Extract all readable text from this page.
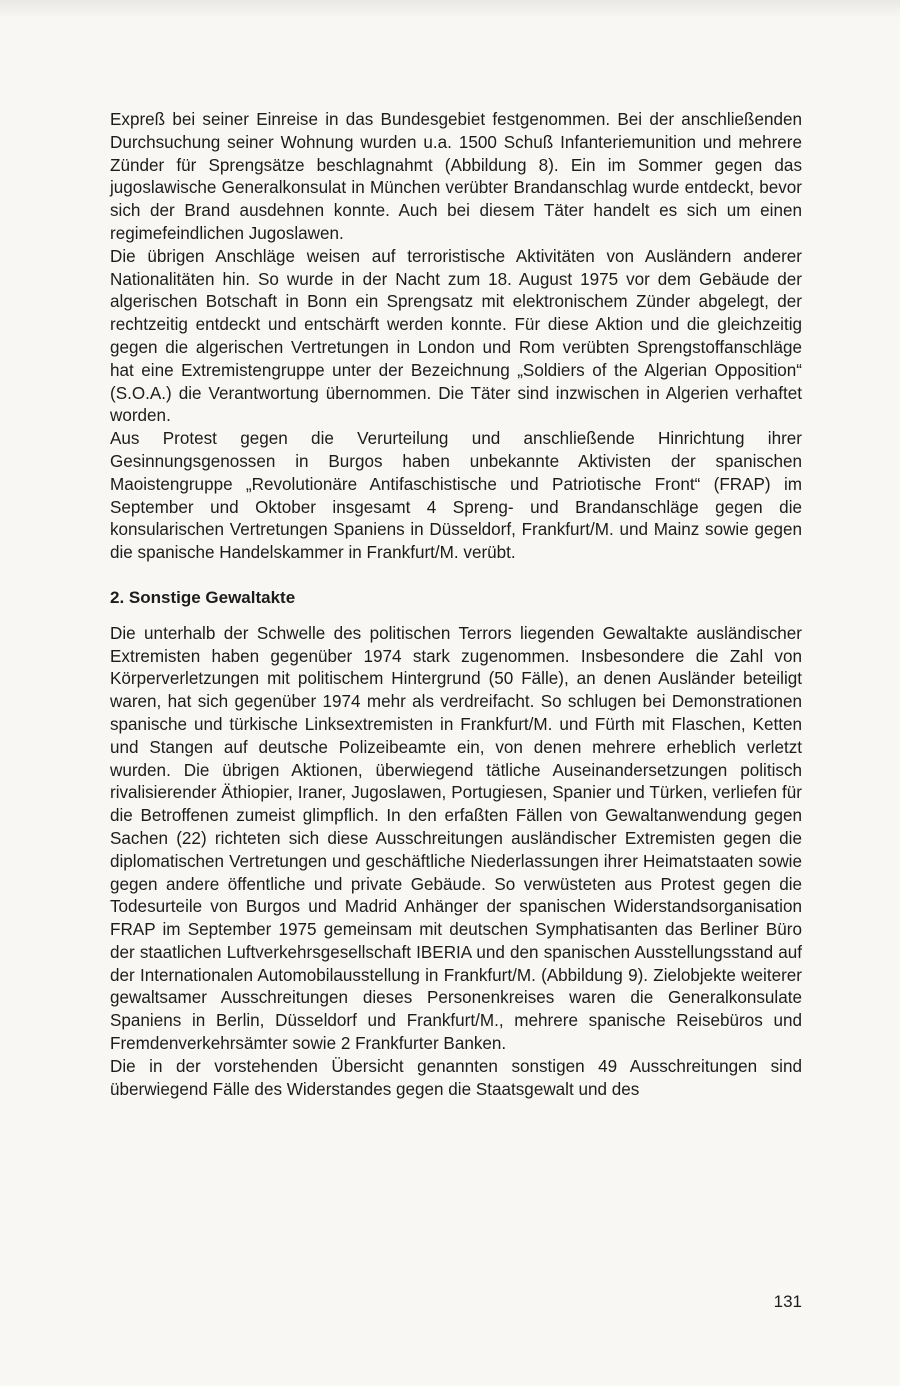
Expreß bei seiner Einreise in das Bundesgebiet festgenommen. Bei der anschließenden Durchsuchung seiner Wohnung wurden u.a. 1500 Schuß Infanteriemunition und mehrere Zünder für Sprengsätze beschlagnahmt (Abbildung 8). Ein im Sommer gegen das jugoslawische Generalkonsulat in München verübter Brandanschlag wurde entdeckt, bevor sich der Brand ausdehnen konnte. Auch bei diesem Täter handelt es sich um einen regimefeindlichen Jugoslawen.

Die übrigen Anschläge weisen auf terroristische Aktivitäten von Ausländern anderer Nationalitäten hin. So wurde in der Nacht zum 18. August 1975 vor dem Gebäude der algerischen Botschaft in Bonn ein Sprengsatz mit elektronischem Zünder abgelegt, der rechtzeitig entdeckt und entschärft werden konnte. Für diese Aktion und die gleichzeitig gegen die algerischen Vertretungen in London und Rom verübten Sprengstoffanschläge hat eine Extremistengruppe unter der Bezeichnung „Soldiers of the Algerian Opposition“ (S.O.A.) die Verantwortung übernommen. Die Täter sind inzwischen in Algerien verhaftet worden.

Aus Protest gegen die Verurteilung und anschließende Hinrichtung ihrer Gesinnungsgenossen in Burgos haben unbekannte Aktivisten der spanischen Maoistengruppe „Revolutionäre Antifaschistische und Patriotische Front“ (FRAP) im September und Oktober insgesamt 4 Spreng- und Brandanschläge gegen die konsularischen Vertretungen Spaniens in Düsseldorf, Frankfurt/M. und Mainz sowie gegen die spanische Handelskammer in Frankfurt/M. verübt.

2. Sonstige Gewaltakte

Die unterhalb der Schwelle des politischen Terrors liegenden Gewaltakte ausländischer Extremisten haben gegenüber 1974 stark zugenommen. Insbesondere die Zahl von Körperverletzungen mit politischem Hintergrund (50 Fälle), an denen Ausländer beteiligt waren, hat sich gegenüber 1974 mehr als verdreifacht. So schlugen bei Demonstrationen spanische und türkische Linksextremisten in Frankfurt/M. und Fürth mit Flaschen, Ketten und Stangen auf deutsche Polizeibeamte ein, von denen mehrere erheblich verletzt wurden. Die übrigen Aktionen, überwiegend tätliche Auseinandersetzungen politisch rivalisierender Äthiopier, Iraner, Jugoslawen, Portugiesen, Spanier und Türken, verliefen für die Betroffenen zumeist glimpflich. In den erfaßten Fällen von Gewaltanwendung gegen Sachen (22) richteten sich diese Ausschreitungen ausländischer Extremisten gegen die diplomatischen Vertretungen und geschäftliche Niederlassungen ihrer Heimatstaaten sowie gegen andere öffentliche und private Gebäude. So verwüsteten aus Protest gegen die Todesurteile von Burgos und Madrid Anhänger der spanischen Widerstandsorganisation FRAP im September 1975 gemeinsam mit deutschen Symphatisanten das Berliner Büro der staatlichen Luftverkehrsgesellschaft IBERIA und den spanischen Ausstellungsstand auf der Internationalen Automobilausstellung in Frankfurt/M. (Abbildung 9). Zielobjekte weiterer gewaltsamer Ausschreitungen dieses Personenkreises waren die Generalkonsulate Spaniens in Berlin, Düsseldorf und Frankfurt/M., mehrere spanische Reisebüros und Fremdenverkehrsämter sowie 2 Frankfurter Banken.

Die in der vorstehenden Übersicht genannten sonstigen 49 Ausschreitungen sind überwiegend Fälle des Widerstandes gegen die Staatsgewalt und des

131
